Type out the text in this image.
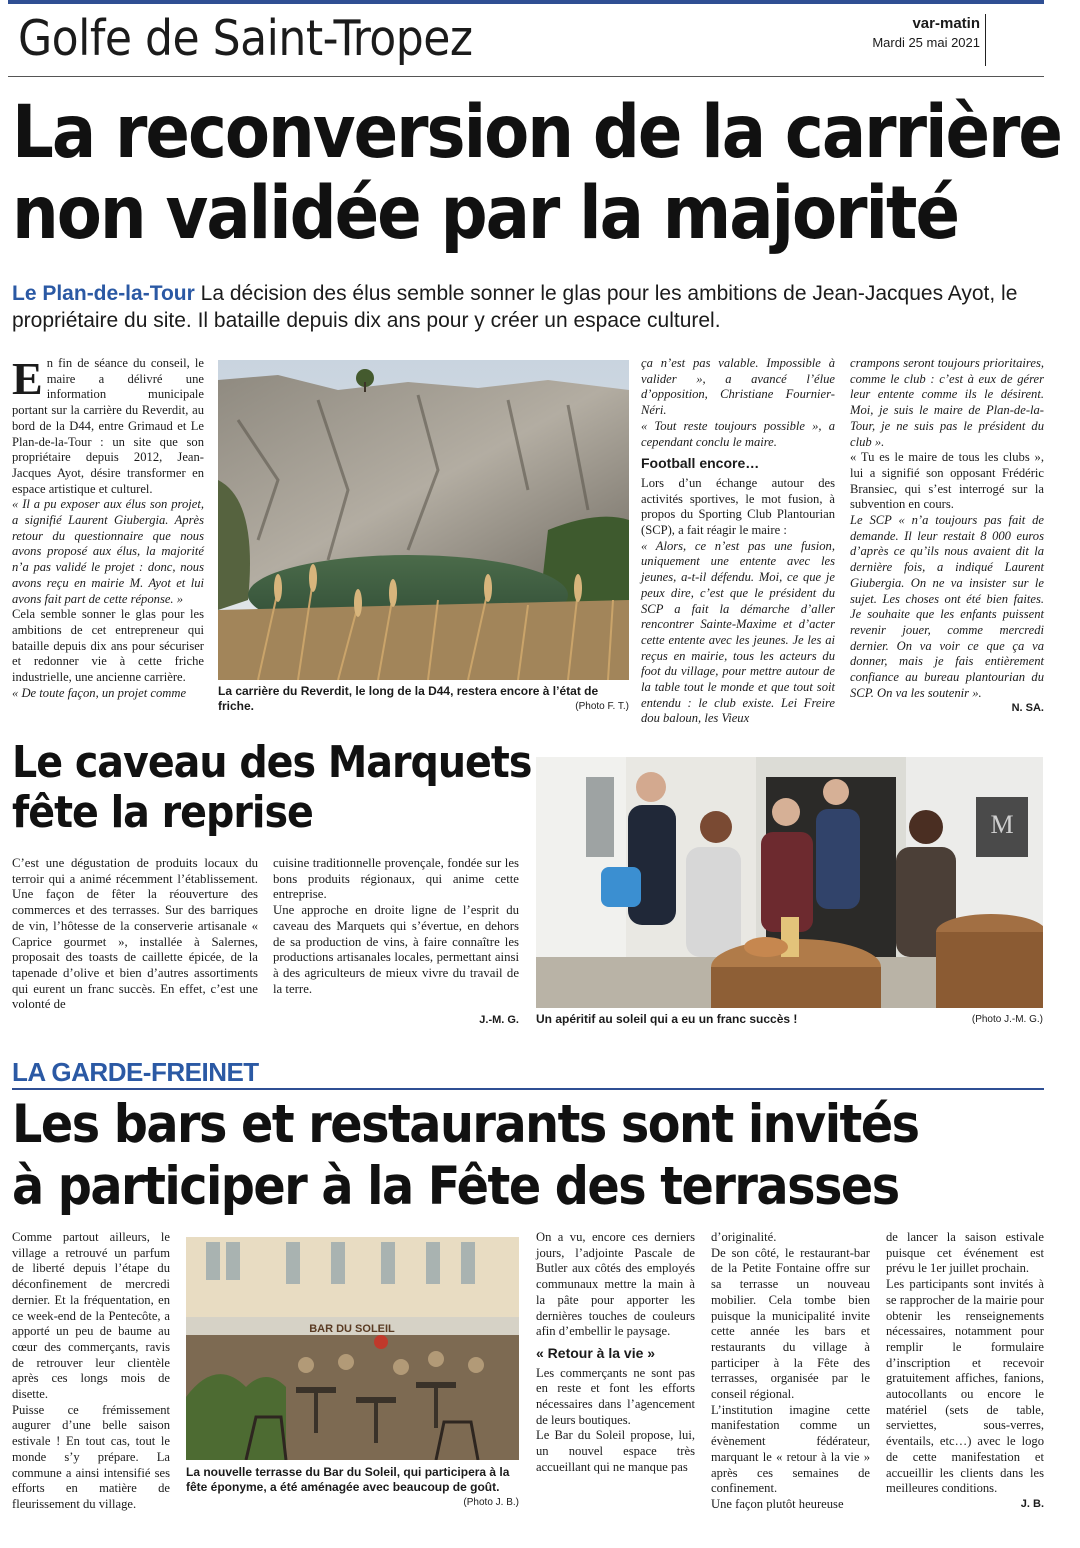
Golfe de Saint-Tropez	var-matin
Mardi 25 mai 2021
La reconversion de la carrière
non validée par la majorité
Le Plan-de-la-Tour La décision des élus semble sonner le glas pour les ambitions de Jean-Jacques Ayot, le propriétaire du site. Il bataille depuis dix ans pour y créer un espace culturel.
E n fin de séance du conseil, le maire a délivré une information municipale portant sur la carrière du Reverdit, au bord de la D44, entre Grimaud et Le Plan-de-la-Tour : un site que son propriétaire depuis 2012, Jean-Jacques Ayot, désire transformer en espace artistique et culturel.

« Il a pu exposer aux élus son projet, a signifié Laurent Giubergia. Après retour du questionnaire que nous avons proposé aux élus, la majorité n’a pas validé le projet : donc, nous avons reçu en mairie M. Ayot et lui avons fait part de cette réponse. »

Cela semble sonner le glas pour les ambitions de cet entrepreneur qui bataille depuis dix ans pour sécuriser et redonner vie à cette friche industrielle, une ancienne carrière.

« De toute façon, un projet comme	La carrière du Reverdit, le long de la D44, restera encore à l’état de friche.	(Photo F. T.)

ça n’est pas valable. Impossible à valider », a avancé l’élue d’opposition, Christiane Fournier-Néri.

« Tout reste toujours possible », a cependant conclu le maire.

Football encore…

Lors d’un échange autour des activités sportives, le mot fusion, à propos du Sporting Club Plantourian (SCP), a fait réagir le maire :

« Alors, ce n’est pas une fusion, uniquement une entente avec les jeunes, a-t-il défendu. Moi, ce que je peux dire, c’est que le président du SCP a fait la démarche d’aller rencontrer Sainte-Maxime et d’acter cette entente avec les jeunes. Je les ai reçus en mairie, tous les acteurs du foot du village, pour mettre autour de la table tout le monde et que tout soit entendu : le club existe. Lei Freire dou baloun, les Vieux

crampons seront toujours prioritaires, comme le club : c’est à eux de gérer leur entente comme ils le désirent. Moi, je suis le maire de Plan-de-la-Tour, je ne suis pas le président du club ».

« Tu es le maire de tous les clubs », lui a signifié son opposant Frédéric Bransiec, qui s’est interrogé sur la subvention en cours.

Le SCP « n’a toujours pas fait de demande. Il leur restait 8 000 euros d’après ce qu’ils nous avaient dit la dernière fois, a indiqué Laurent Giubergia. On ne va insister sur le sujet. Les choses ont été bien faites. Je souhaite que les enfants puissent revenir jouer, comme mercredi dernier. On va voir ce que ça va donner, mais je fais entièrement confiance au bureau plantourian du SCP. On va les soutenir ».

N. SA.
Le caveau des Marquets
fête la reprise

C’est une dégustation de produits locaux du terroir qui a animé récemment l’établissement. Une façon de fêter la réouverture des commerces et des terrasses. Sur des barriques de vin, l’hôtesse de la conserverie artisanale « Caprice gourmet », installée à Salernes, proposait des toasts de caillette épicée, de la tapenade d’olive et bien d’autres assortiments qui eurent un franc succès. En effet, c’est une volonté de

cuisine traditionnelle provençale, fondée sur les bons produits régionaux, qui anime cette entreprise.

Une approche en droite ligne de l’esprit du caveau des Marquets qui s’évertue, en dehors de sa production de vins, à faire connaître les productions artisanales locales, permettant ainsi à des agriculteurs de mieux vivre du travail de la terre.

J.-M. G.
M
Un apéritif au soleil qui a eu un franc succès !	(Photo J.-M. G.)
LA GARDE-FREINET
Les bars et restaurants sont invités
à participer à la Fête des terrasses

Comme partout ailleurs, le village a retrouvé un parfum de liberté depuis l’étape du déconfinement de mercredi dernier. Et la fréquentation, en ce week-end de la Pentecôte, a apporté un peu de baume au cœur des commerçants, ravis de retrouver leur clientèle après ces longs mois de disette.

Puisse ce frémissement augurer d’une belle saison estivale ! En tout cas, tout le monde s’y prépare. La commune a ainsi intensifié ses efforts en matière de fleurissement du village.

BAR DU SOLEIL
La nouvelle terrasse du Bar du Soleil, qui participera à la fête éponyme, a été aménagée avec beaucoup de goût.
(Photo J. B.)

On a vu, encore ces derniers jours, l’adjointe Pascale de Butler aux côtés des employés communaux mettre la main à la pâte pour apporter les dernières touches de couleurs afin d’embellir le paysage.

« Retour à la vie »

Les commerçants ne sont pas en reste et font les efforts nécessaires dans l’agencement de leurs boutiques.

Le Bar du Soleil propose, lui, un nouvel espace très accueillant qui ne manque pas

d’originalité.

De son côté, le restaurant-bar de la Petite Fontaine offre sur sa terrasse un nouveau mobilier. Cela tombe bien puisque la municipalité invite cette année les bars et restaurants du village à participer à la Fête des terrasses, organisée par le conseil régional.

L’institution imagine cette manifestation comme un évènement fédérateur, marquant le « retour à la vie » après ces semaines de confinement.

Une façon plutôt heureuse

de lancer la saison estivale puisque cet événement est prévu le 1er juillet prochain.

Les participants sont invités à se rapprocher de la mairie pour obtenir les renseignements nécessaires, notamment pour remplir le formulaire d’inscription et recevoir gratuitement affiches, fanions, autocollants ou encore le matériel (sets de table, serviettes, sous-verres, éventails, etc…) avec le logo de cette manifestation et accueillir les clients dans les meilleures conditions.

J. B.
